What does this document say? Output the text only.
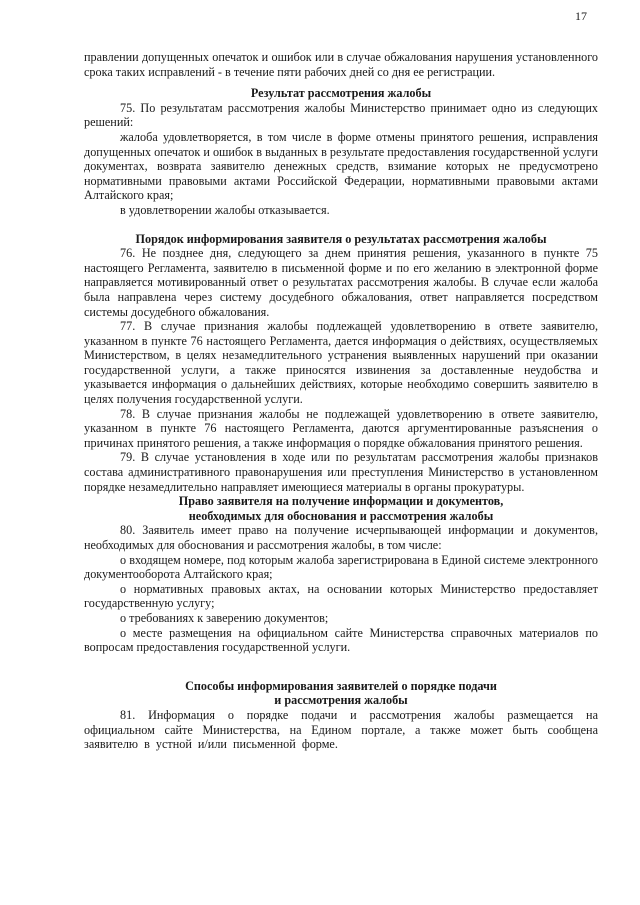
17

правлении допущенных опечаток и ошибок или в случае обжалования нарушения установленного срока таких исправлений - в течение пяти рабочих дней со дня ее регистрации.

Результат рассмотрения жалобы

75. По результатам рассмотрения жалобы Министерство принимает одно из следующих решений:

жалоба удовлетворяется, в том числе в форме отмены принятого решения, исправления допущенных опечаток и ошибок в выданных в результате предоставления государственной услуги документах, возврата заявителю денежных средств, взимание которых не предусмотрено нормативными правовыми актами Российской Федерации, нормативными правовыми актами Алтайского края;

в удовлетворении жалобы отказывается.

Порядок информирования заявителя о результатах рассмотрения жалобы

76. Не позднее дня, следующего за днем принятия решения, указанного в пункте 75 настоящего Регламента, заявителю в письменной форме и по его желанию в электронной форме направляется мотивированный ответ о результатах рассмотрения жалобы. В случае если жалоба была направлена через систему досудебного обжалования, ответ направляется посредством системы досудебного обжалования.

77. В случае признания жалобы подлежащей удовлетворению в ответе заявителю, указанном в пункте 76 настоящего Регламента, дается информация о действиях, осуществляемых Министерством, в целях незамедлительного устранения выявленных нарушений при оказании государственной услуги, а также приносятся извинения за доставленные неудобства и указывается информация о дальнейших действиях, которые необходимо совершить заявителю в целях получения государственной услуги.

78. В случае признания жалобы не подлежащей удовлетворению в ответе заявителю, указанном в пункте 76 настоящего Регламента, даются аргументированные разъяснения о причинах принятого решения, а также информация о порядке обжалования принятого решения.

79. В случае установления в ходе или по результатам рассмотрения жалобы признаков состава административного правонарушения или преступления Министерство в установленном порядке незамедлительно направляет имеющиеся материалы в органы прокуратуры.

Право заявителя на получение информации и документов,
необходимых для обоснования и рассмотрения жалобы

80. Заявитель имеет право на получение исчерпывающей информации и документов, необходимых для обоснования и рассмотрения жалобы, в том числе:

о входящем номере, под которым жалоба зарегистрирована в Единой системе электронного документооборота Алтайского края;

о нормативных правовых актах, на основании которых Министерство предоставляет государственную услугу;

о требованиях к заверению документов;

о месте размещения на официальном сайте Министерства справочных материалов по вопросам предоставления государственной услуги.

Способы информирования заявителей о порядке подачи
и рассмотрения жалобы

81. Информация о порядке подачи и рассмотрения жалобы размещается на официальном сайте Министерства, на Едином портале, а также может быть сообщена заявителю в устной и/или письменной форме.
